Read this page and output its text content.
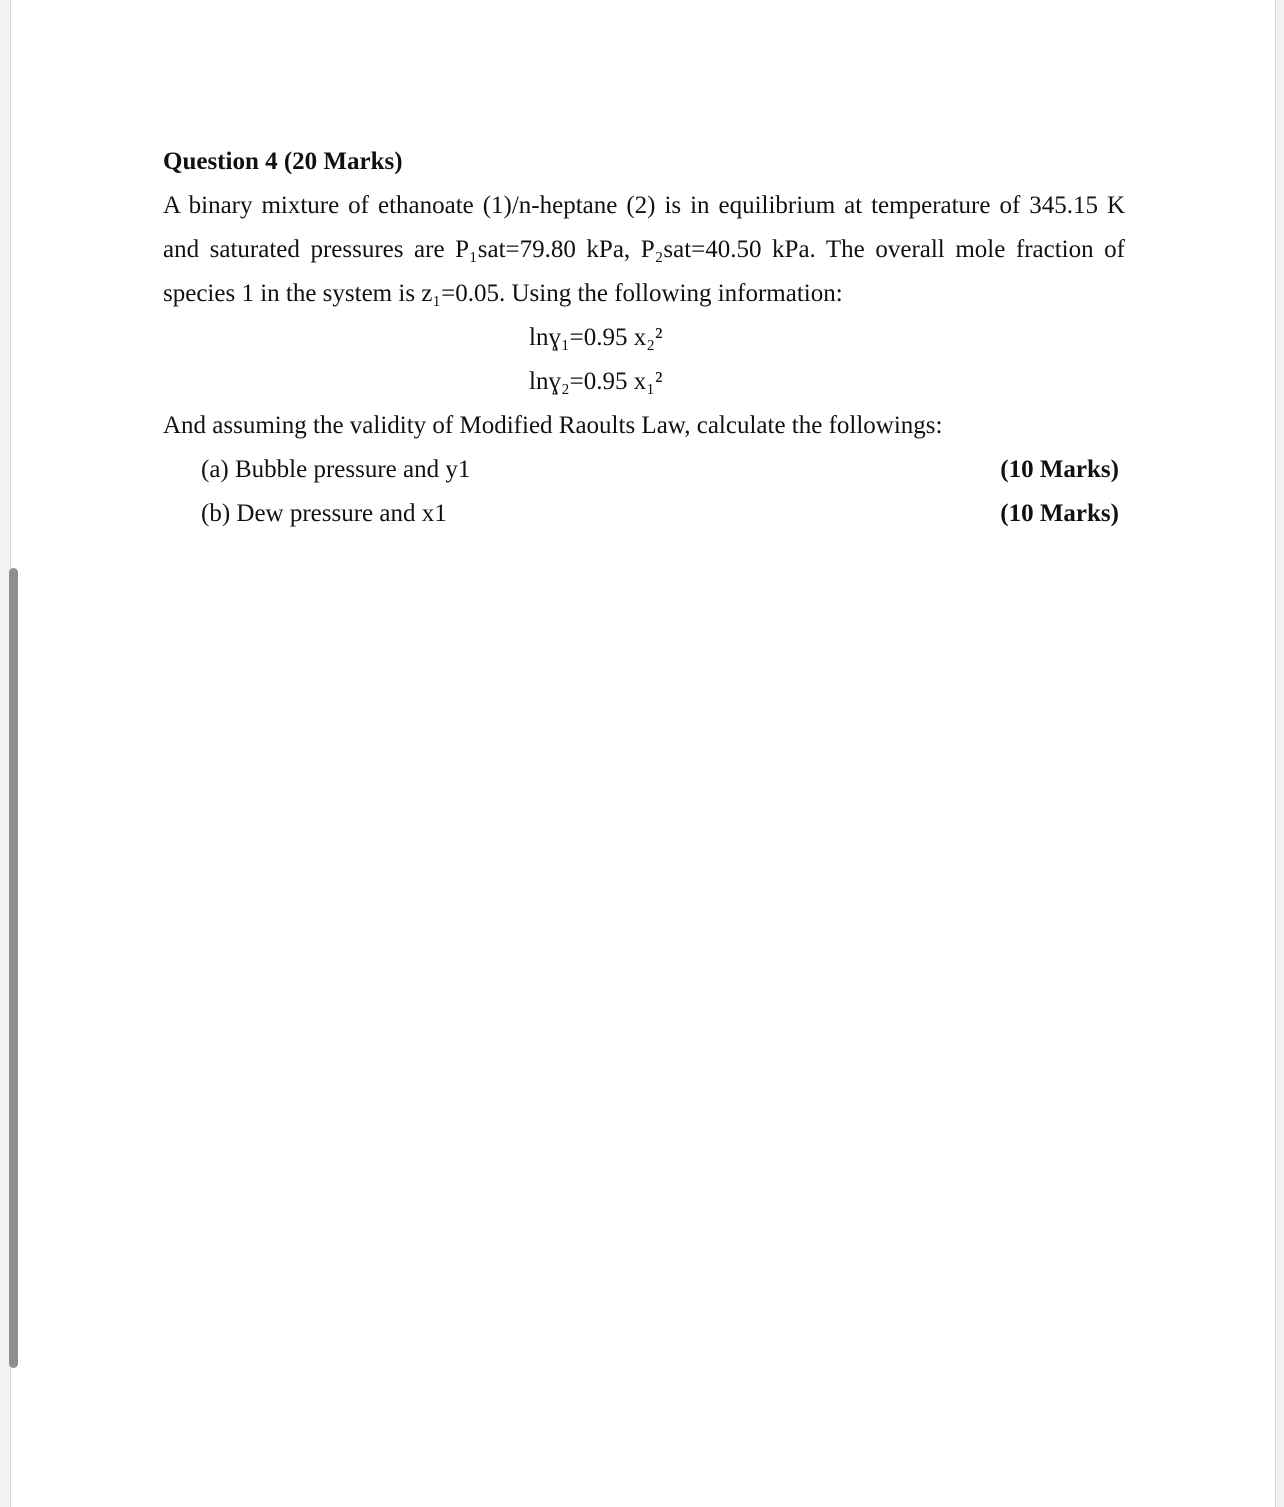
Question 4 (20 Marks)
A binary mixture of ethanoate (1)/n-heptane (2) is in equilibrium at temperature of 345.15 K
and saturated pressures are P₁sat=79.80 kPa, P₂sat=40.50 kPa. The overall mole fraction of
species 1 in the system is z₁=0.05. Using the following information:
lnɣ₁=0.95 x₂²
lnɣ₂=0.95 x₁²
And assuming the validity of Modified Raoults Law, calculate the followings:
(a) Bubble pressure and y1	(10 Marks)
(b) Dew pressure and x1	(10 Marks)
